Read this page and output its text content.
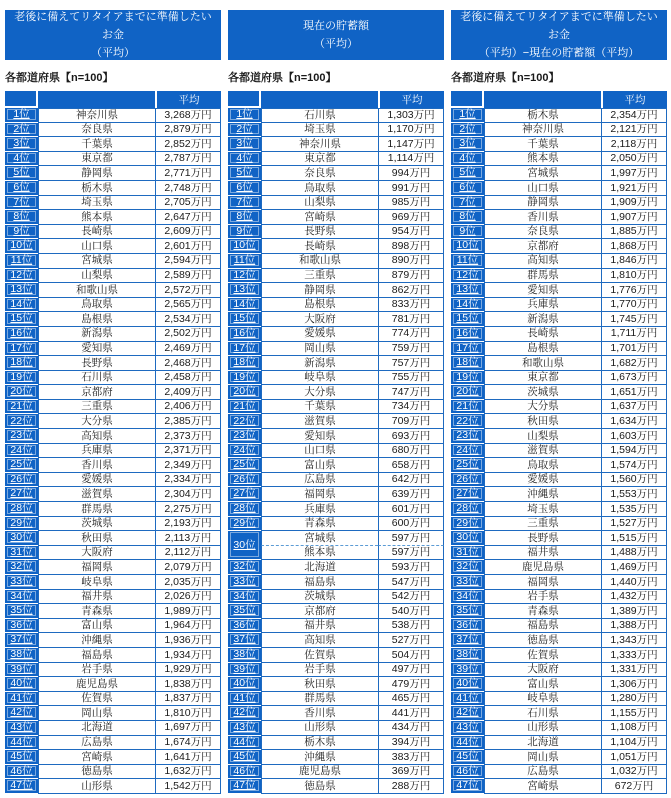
老後に備えてリタイアまでに準備したいお金
（平均）
各都道府県【n=100】
		平均

1位	神奈川県	3,268万円

2位	奈良県	2,879万円

3位	千葉県	2,852万円

4位	東京都	2,787万円

5位	静岡県	2,771万円

6位	栃木県	2,748万円

7位	埼玉県	2,705万円

8位	熊本県	2,647万円

9位	長崎県	2,609万円

10位	山口県	2,601万円

11位	宮城県	2,594万円

12位	山梨県	2,589万円

13位	和歌山県	2,572万円

14位	鳥取県	2,565万円

15位	島根県	2,534万円

16位	新潟県	2,502万円

17位	愛知県	2,469万円

18位	長野県	2,468万円

19位	石川県	2,458万円

20位	京都府	2,409万円

21位	三重県	2,406万円

22位	大分県	2,385万円

23位	高知県	2,373万円

24位	兵庫県	2,371万円

25位	香川県	2,349万円

26位	愛媛県	2,334万円

27位	滋賀県	2,304万円

28位	群馬県	2,275万円

29位	茨城県	2,193万円

30位	秋田県	2,113万円

31位	大阪府	2,112万円

32位	福岡県	2,079万円

33位	岐阜県	2,035万円

34位	福井県	2,026万円

35位	青森県	1,989万円

36位	富山県	1,964万円

37位	沖縄県	1,936万円

38位	福島県	1,934万円

39位	岩手県	1,929万円

40位	鹿児島県	1,838万円

41位	佐賀県	1,837万円

42位	岡山県	1,810万円

43位	北海道	1,697万円

44位	広島県	1,674万円

45位	宮崎県	1,641万円

46位	徳島県	1,632万円

47位	山形県	1,542万円
現在の貯蓄額
（平均）
各都道府県【n=100】
		平均

1位	石川県	1,303万円

2位	埼玉県	1,170万円

3位	神奈川県	1,147万円

4位	東京都	1,114万円

5位	奈良県	994万円

6位	鳥取県	991万円

7位	山梨県	985万円

8位	宮崎県	969万円

9位	長野県	954万円

10位	長崎県	898万円

11位	和歌山県	890万円

12位	三重県	879万円

13位	静岡県	862万円

14位	島根県	833万円

15位	大阪府	781万円

16位	愛媛県	774万円

17位	岡山県	759万円

18位	新潟県	757万円

19位	岐阜県	755万円

20位	大分県	747万円

21位	千葉県	734万円

22位	滋賀県	709万円

23位	愛知県	693万円

24位	山口県	680万円

25位	富山県	658万円

26位	広島県	642万円

27位	福岡県	639万円

28位	兵庫県	601万円

29位	青森県	600万円

30位	宮城県	597万円
	熊本県	597万円

32位	北海道	593万円

33位	福島県	547万円

34位	茨城県	542万円

35位	京都府	540万円

36位	福井県	538万円

37位	高知県	527万円

38位	佐賀県	504万円

39位	岩手県	497万円

40位	秋田県	479万円

41位	群馬県	465万円

42位	香川県	441万円

43位	山形県	434万円

44位	栃木県	394万円

45位	沖縄県	383万円

46位	鹿児島県	369万円

47位	徳島県	288万円
老後に備えてリタイアまでに準備したいお金
（平均）−現在の貯蓄額（平均）
各都道府県【n=100】
		平均

1位	栃木県	2,354万円

2位	神奈川県	2,121万円

3位	千葉県	2,118万円

4位	熊本県	2,050万円

5位	宮城県	1,997万円

6位	山口県	1,921万円

7位	静岡県	1,909万円

8位	香川県	1,907万円

9位	奈良県	1,885万円

10位	京都府	1,868万円

11位	高知県	1,846万円

12位	群馬県	1,810万円

13位	愛知県	1,776万円

14位	兵庫県	1,770万円

15位	新潟県	1,745万円

16位	長崎県	1,711万円

17位	島根県	1,701万円

18位	和歌山県	1,682万円

19位	東京都	1,673万円

20位	茨城県	1,651万円

21位	大分県	1,637万円

22位	秋田県	1,634万円

23位	山梨県	1,603万円

24位	滋賀県	1,594万円

25位	鳥取県	1,574万円

26位	愛媛県	1,560万円

27位	沖縄県	1,553万円

28位	埼玉県	1,535万円

29位	三重県	1,527万円

30位	長野県	1,515万円

31位	福井県	1,488万円

32位	鹿児島県	1,469万円

33位	福岡県	1,440万円

34位	岩手県	1,432万円

35位	青森県	1,389万円

36位	福島県	1,388万円

37位	徳島県	1,343万円

38位	佐賀県	1,333万円

39位	大阪府	1,331万円

40位	富山県	1,306万円

41位	岐阜県	1,280万円

42位	石川県	1,155万円

43位	山形県	1,108万円

44位	北海道	1,104万円

45位	岡山県	1,051万円

46位	広島県	1,032万円

47位	宮崎県	672万円
